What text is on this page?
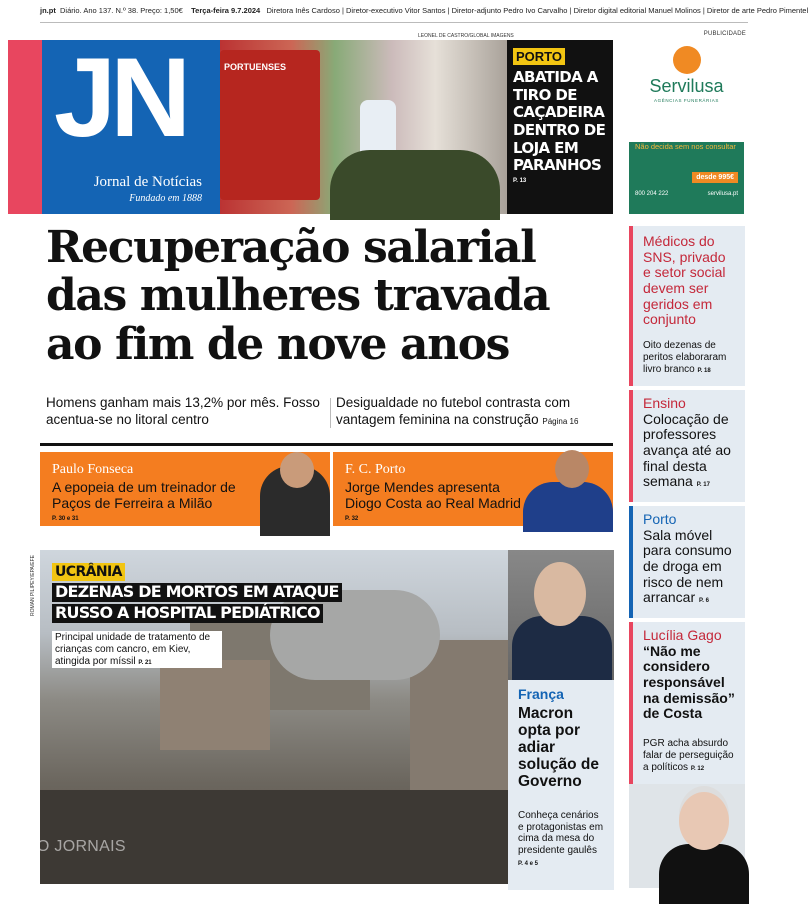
jn.pt Diário. Ano 137. N.º 38. Preço: 1,50€ Terça-feira 9.7.2024 Diretora Inês Cardoso | Diretor-executivo Vitor Santos | Diretor-adjunto Pedro Ivo Carvalho | Diretor digital editorial Manuel Molinos | Diretor de arte Pedro Pimentel
LEONEL DE CASTRO/GLOBAL IMAGENS	PUBLICIDADE
JN
Jornal de Notícias
Fundado em 1888
PORTUENSES
PORTO
ABATIDA A TIRO DE CAÇADEIRA DENTRO DE LOJA EM PARANHOS
P. 13
Servilusa
AGÊNCIAS FUNERÁRIAS
Ninguém estava à espera, e agora?
Não decida sem nos consultar
desde 995€
800 204 222	servilusa.pt
Recuperação salarial das mulheres travada ao fim de nove anos
Homens ganham mais 13,2% por mês. Fosso acentua-se no litoral centro
Desigualdade no futebol contrasta com vantagem feminina na construção Página 16
Paulo Fonseca
A epopeia de um treinador de Paços de Ferreira a Milão
P. 30 e 31
F. C. Porto
Jorge Mendes apresenta Diogo Costa ao Real Madrid
P. 32
ROMAN PILIPEY/EPA/EFE UCRÂNIA
DEZENAS DE MORTOS EM ATAQUE
RUSSO A HOSPITAL PEDIÁTRICO
Principal unidade de tratamento de crianças com cancro, em Kiev, atingida por míssil P. 21
França
Macron opta por adiar solução de Governo
Conheça cenários e protagonistas em cima da mesa do presidente gaulês P. 4 e 5
Médicos do SNS, privado e setor social devem ser geridos em conjunto
Oito dezenas de peritos elaboraram livro branco P. 18
Ensino
Colocação de professores avança até ao final desta semana P. 17
Porto
Sala móvel para consumo de droga em risco de nem arrancar P. 6
Lucília Gago
“Não me considero responsável na demissão” de Costa
PGR acha absurdo falar de perseguição a políticos P. 12
SAPO JORNAIS
